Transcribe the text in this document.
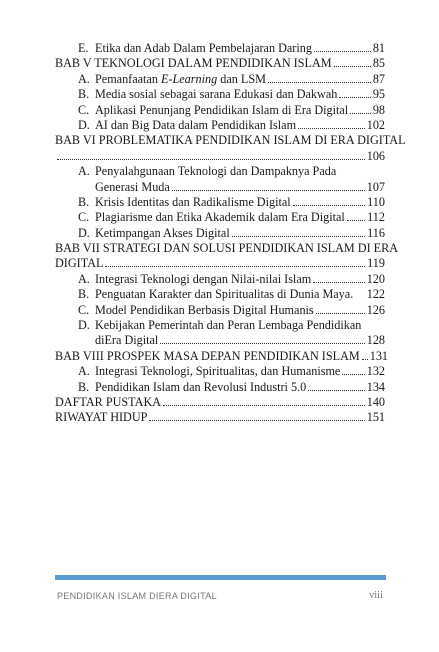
E. Etika dan Adab Dalam Pembelajaran Daring	81
BAB V TEKNOLOGI DALAM PENDIDIKAN ISLAM	85
A. Pemanfaatan E-Learning dan LSM	87
B. Media sosial sebagai sarana Edukasi dan Dakwah	95
C. Aplikasi Penunjang Pendidikan Islam di Era Digital 98
D. AI dan Big Data dalam Pendidikan Islam	102
BAB VI PROBLEMATIKA PENDIDIKAN ISLAM DI ERA DIGITAL
106
A. Penyalahgunaan Teknologi dan Dampaknya Pada
Generasi Muda	107
B. Krisis Identitas dan Radikalisme Digital	110
C. Plagiarisme dan Etika Akademik dalam Era Digital 112
D. Ketimpangan Akses Digital	116
BAB VII STRATEGI DAN SOLUSI PENDIDIKAN ISLAM DI ERA
DIGITAL	119
A. Integrasi Teknologi dengan Nilai-nilai Islam	120
B. Penguatan Karakter dan Spiritualitas di Dunia Maya. 122
C. Model Pendidikan Berbasis Digital Humanis	126
D. Kebijakan Pemerintah dan Peran Lembaga Pendidikan
diEra Digital	128
BAB VIII PROSPEK MASA DEPAN PENDIDIKAN ISLAM 131
A. Integrasi Teknologi, Spiritualitas, dan Humanisme 132
B. Pendidikan Islam dan Revolusi Industri 5.0	134
DAFTAR PUSTAKA	140
RIWAYAT HIDUP	151
PENDIDIKAN ISLAM DIERA DIGITAL	viii
